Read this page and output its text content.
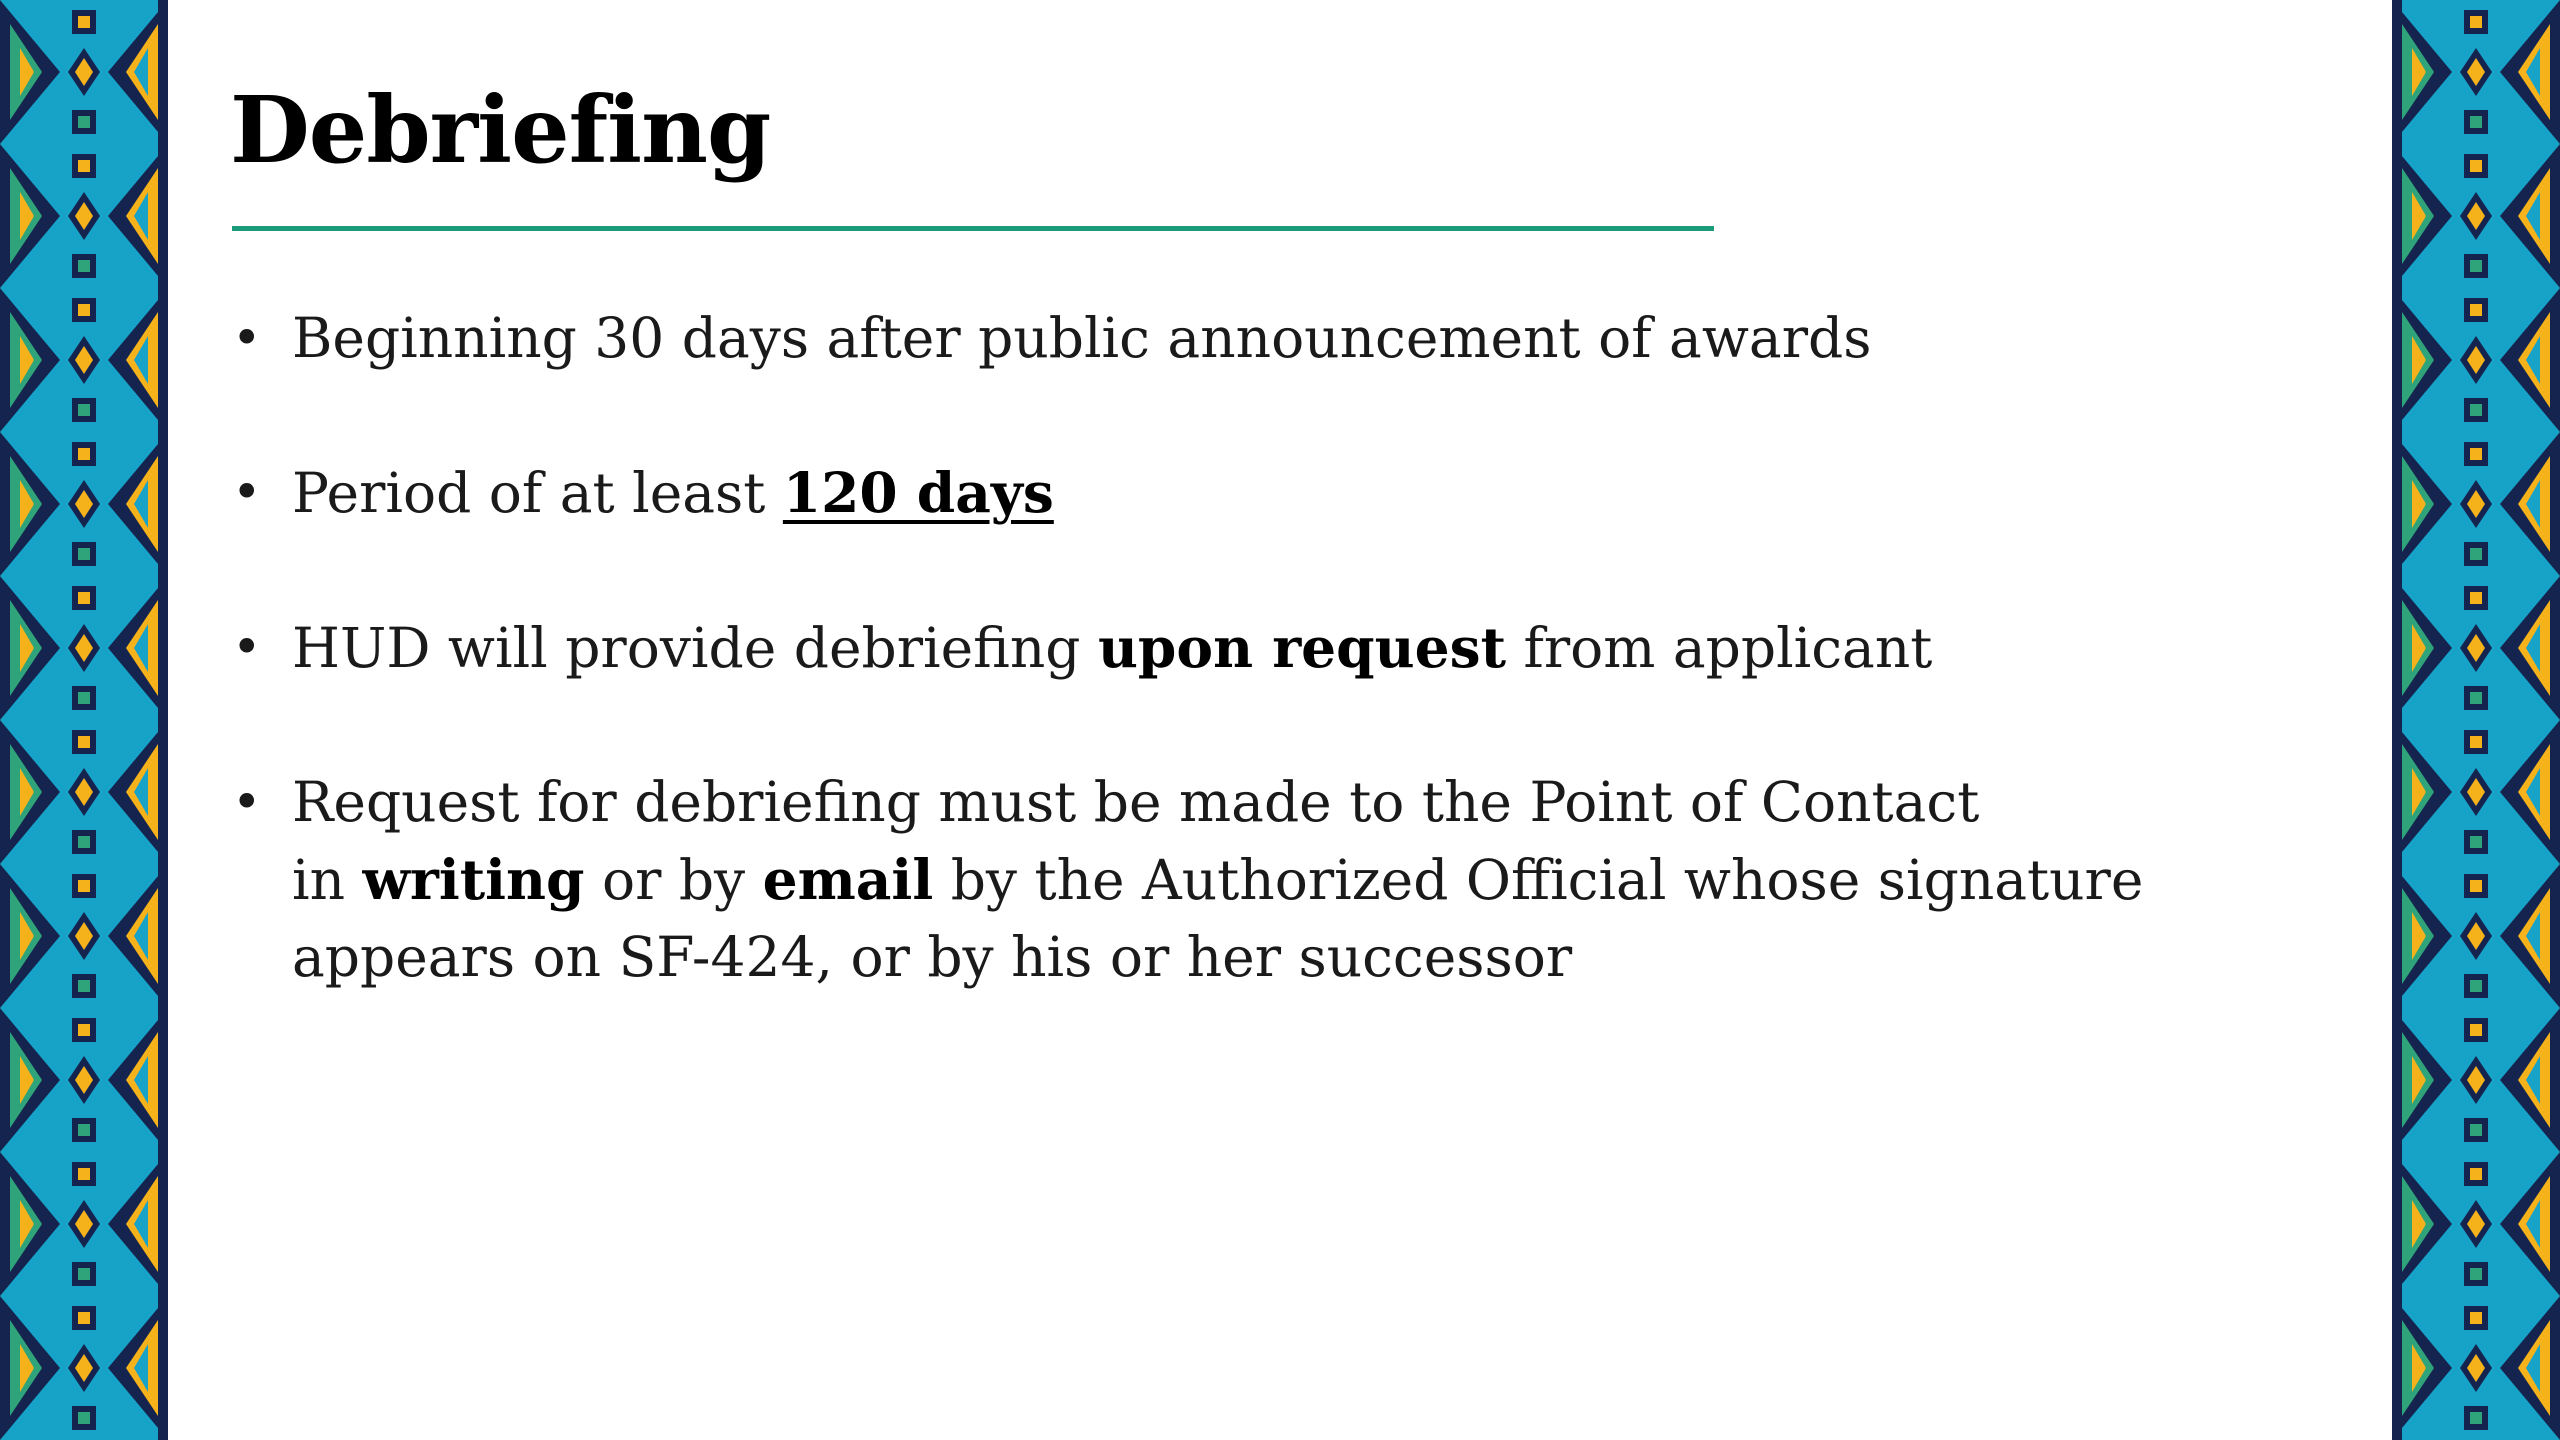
Debriefing
• Beginning 30 days after public announcement of awards
• Period of at least 120 days
• HUD will provide debriefing upon request from applicant
• Request for debriefing must be made to the Point of Contact
in writing or by email by the Authorized Official whose signature
appears on SF-424, or by his or her successor
